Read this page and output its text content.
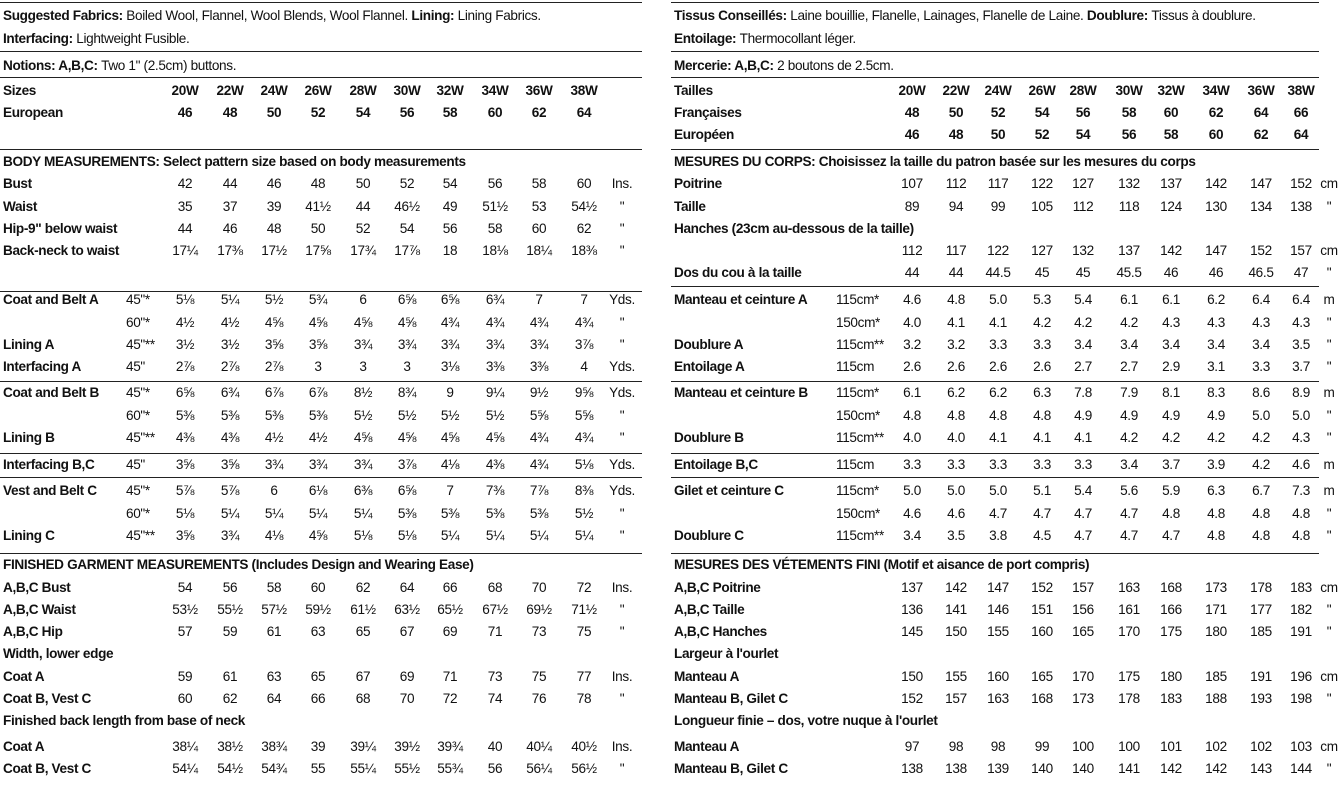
Suggested Fabrics: Boiled Wool, Flannel, Wool Blends, Wool Flannel. Lining: Lining Fabrics.
Interfacing: Lightweight Fusible.
Notions: A,B,C: Two 1" (2.5cm) buttons.
Sizes	20W	22W	24W	26W	28W	30W	32W	34W	36W	38W
European	46	48	50	52	54	56	58	60	62	64
BODY MEASUREMENTS: Select pattern size based on body measurements
Bust	42	44	46	48	50	52	54	56	58	60	Ins.
Waist	35	37	39	41½	44	46½	49	51½	53	54½	"
Hip-9" below waist	44	46	48	50	52	54	56	58	60	62	"
Back-neck to waist	17¼	17⅜	17½	17⅝	17¾	17⅞	18	18⅛	18¼	18⅜	"
Coat and Belt A 45"*	5⅛	5¼	5½	5¾	6	6⅝	6⅝	6¾	7	7	Yds.
60"*	4½	4½	4⅝	4⅝	4⅝	4⅝	4¾	4¾	4¾	4¾	"
Lining A	45"**	3½	3½	3⅝	3⅝	3¾	3¾	3¾	3¾	3¾	3⅞	"
Interfacing A	45"	2⅞	2⅞	2⅞	3	3	3	3⅛	3⅜	3⅜	4	Yds.
Coat and Belt B 45"*	6⅝	6¾	6⅞	6⅞	8½	8¾	9	9¼	9½	9⅝	Yds.
60"*	5⅜	5⅜	5⅜	5⅜	5½	5½	5½	5½	5⅝	5⅝	"
Lining B	45"**	4⅜	4⅜	4½	4½	4⅝	4⅝	4⅝	4⅝	4¾	4¾	"
Interfacing B,C 45"	3⅝	3⅝	3¾	3¾	3¾	3⅞	4⅛	4⅜	4¾	5⅛	Yds.
Vest and Belt C 45"*	5⅞	5⅞	6	6⅛	6⅜	6⅝	7	7⅜	7⅞	8⅜	Yds.
60"*	5⅛	5¼	5¼	5¼	5¼	5⅜	5⅜	5⅜	5⅜	5½	"
Lining C	45"**	3⅝	3¾	4⅛	4⅝	5⅛	5⅛	5¼	5¼	5¼	5¼	"
FINISHED GARMENT MEASUREMENTS (Includes Design and Wearing Ease)
A,B,C Bust	54	56	58	60	62	64	66	68	70	72	Ins.
A,B,C Waist	53½	55½	57½	59½	61½	63½	65½	67½	69½	71½	"
A,B,C Hip	57	59	61	63	65	67	69	71	73	75	"
Width, lower edge
Coat A	59	61	63	65	67	69	71	73	75	77	Ins.
Coat B, Vest C	60	62	64	66	68	70	72	74	76	78	"
Finished back length from base of neck
Coat A	38¼	38½	38¾	39	39¼	39½	39¾	40	40¼	40½	Ins.
Coat B, Vest C	54¼	54½	54¾	55	55¼	55½	55¾	56	56¼	56½	"
Tissus Conseillés: Laine bouillie, Flanelle, Lainages, Flanelle de Laine. Doublure: Tissus à doublure.
Entoilage: Thermocollant léger.
Mercerie: A,B,C: 2 boutons de 2.5cm.
Tailles	20W	22W	24W	26W	28W	30W	32W	34W	36W 38W
Françaises	48	50	52	54	56	58	60	62	64	66
Européen	46	48	50	52	54	56	58	60	62	64
MESURES DU CORPS: Choisissez la taille du patron basée sur les mesures du corps
Poitrine	107	112	117	122	127	132	137	142	147	152 cm
Taille	89	94	99	105	112	118	124	130	134	138	"
Hanches (23cm au-dessous de la taille)
112	117	122	127	132	137	142	147	152	157 cm
Dos du cou à la taille	44	44	44.5	45	45	45.5	46	46	46.5	47	"
Manteau et ceinture A 115cm*	4.6	4.8	5.0	5.3	5.4	6.1	6.1	6.2	6.4	6.4 m
150cm*	4.0	4.1	4.1	4.2	4.2	4.2	4.3	4.3	4.3	4.3	"
Doublure A	115cm**	3.2	3.2	3.3	3.3	3.4	3.4	3.4	3.4	3.4	3.5	"
Entoilage A	115cm	2.6	2.6	2.6	2.6	2.7	2.7	2.9	3.1	3.3	3.7	"
Manteau et ceinture B 115cm*	6.1	6.2	6.2	6.3	7.8	7.9	8.1	8.3	8.6	8.9 m
150cm*	4.8	4.8	4.8	4.8	4.9	4.9	4.9	4.9	5.0	5.0	"
Doublure B	115cm**	4.0	4.0	4.1	4.1	4.1	4.2	4.2	4.2	4.2	4.3	"
Entoilage B,C	115cm	3.3	3.3	3.3	3.3	3.3	3.4	3.7	3.9	4.2	4.6 m
Gilet et ceinture C	115cm*	5.0	5.0	5.0	5.1	5.4	5.6	5.9	6.3	6.7	7.3 m
150cm*	4.6	4.6	4.7	4.7	4.7	4.7	4.8	4.8	4.8	4.8	"
Doublure C	115cm**	3.4	3.5	3.8	4.5	4.7	4.7	4.7	4.8	4.8	4.8	"
MESURES DES VÉTEMENTS FINI (Motif et aisance de port compris)
A,B,C Poitrine	137	142	147	152	157	163	168	173	178	183 cm
A,B,C Taille	136	141	146	151	156	161	166	171	177	182	"
A,B,C Hanches	145	150	155	160	165	170	175	180	185	191	"
Largeur à l'ourlet
Manteau A	150	155	160	165	170	175	180	185	191	196 cm
Manteau B, Gilet C	152	157	163	168	173	178	183	188	193	198	"
Longueur finie – dos, votre nuque à l'ourlet
Manteau A	97	98	98	99	100	100	101	102	102	103 cm
Manteau B, Gilet C	138	138	139	140	140	141	142	142	143	144	"
